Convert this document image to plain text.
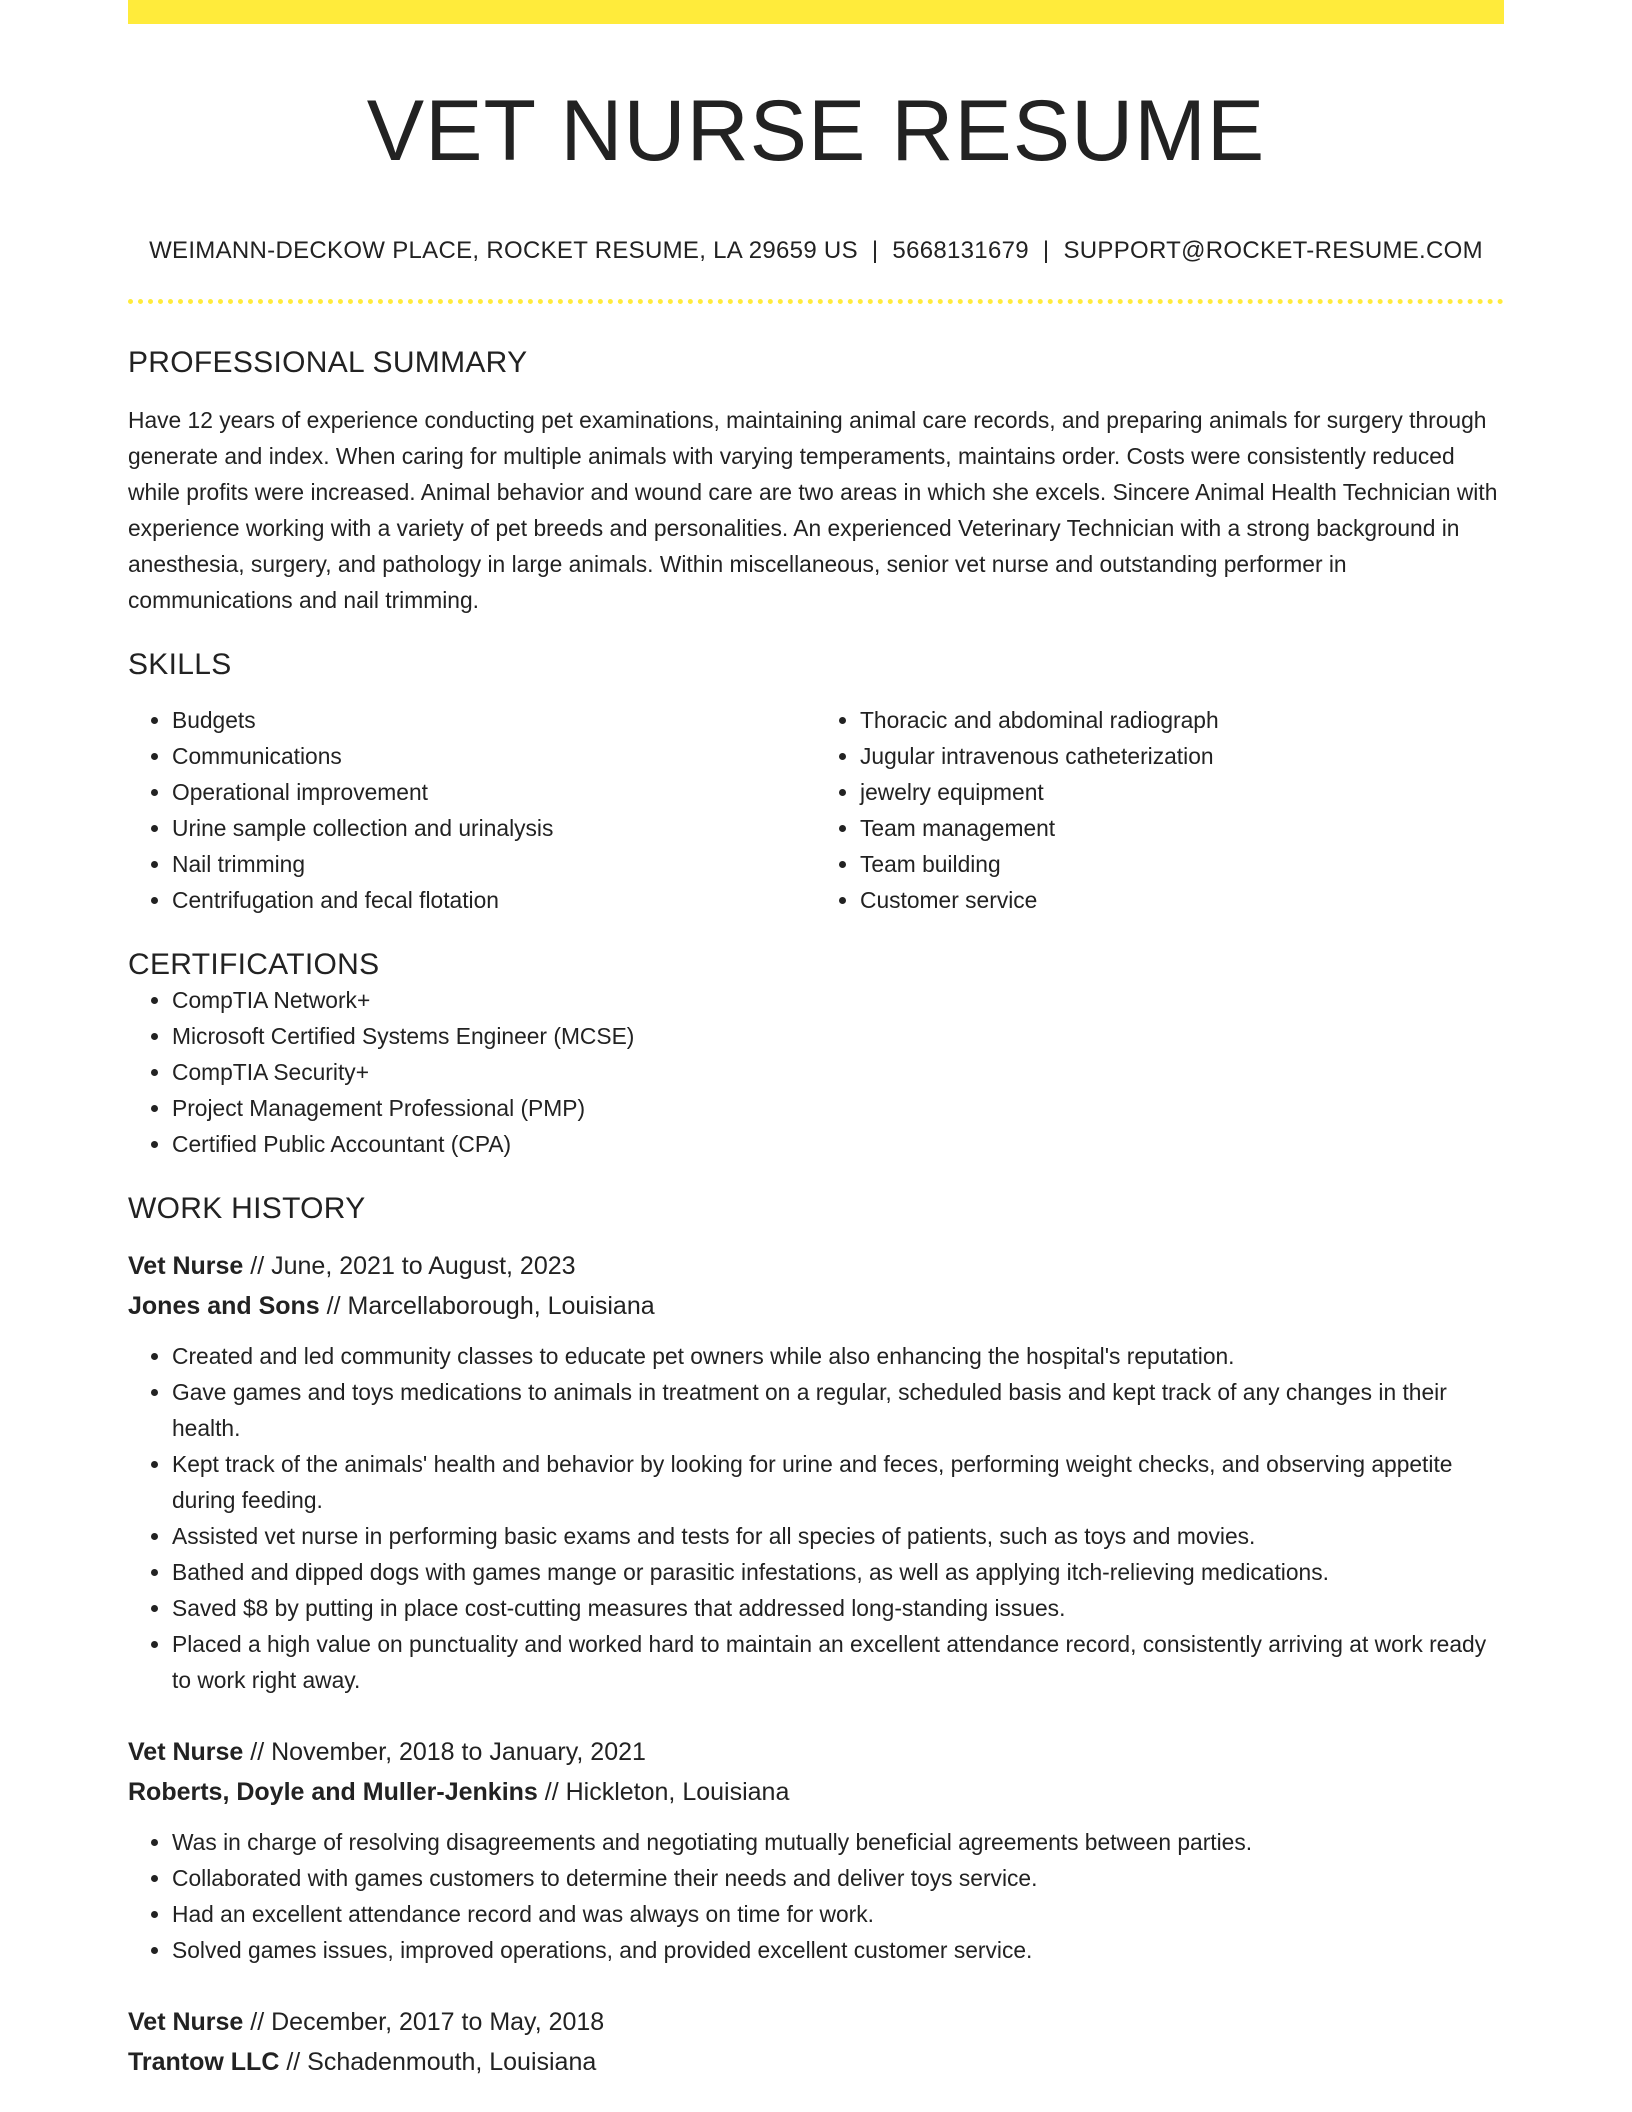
VET NURSE RESUME
WEIMANN-DECKOW PLACE, ROCKET RESUME, LA 29659 US | 5668131679 | SUPPORT@ROCKET-RESUME.COM
PROFESSIONAL SUMMARY

Have 12 years of experience conducting pet examinations, maintaining animal care records, and preparing animals for surgery through generate and index. When caring for multiple animals with varying temperaments, maintains order. Costs were consistently reduced while profits were increased. Animal behavior and wound care are two areas in which she excels. Sincere Animal Health Technician with experience working with a variety of pet breeds and personalities. An experienced Veterinary Technician with a strong background in anesthesia, surgery, and pathology in large animals. Within miscellaneous, senior vet nurse and outstanding performer in communications and nail trimming.

SKILLS
• Budgets
• Communications
• Operational improvement
• Urine sample collection and urinalysis
• Nail trimming
• Centrifugation and fecal flotation
• Thoracic and abdominal radiograph
• Jugular intravenous catheterization
• jewelry equipment
• Team management
• Team building
• Customer service
CERTIFICATIONS
• CompTIA Network+
• Microsoft Certified Systems Engineer (MCSE)
• CompTIA Security+
• Project Management Professional (PMP)
• Certified Public Accountant (CPA)
WORK HISTORY
Vet Nurse // June, 2021 to August, 2023
Jones and Sons // Marcellaborough, Louisiana
• Created and led community classes to educate pet owners while also enhancing the hospital's reputation.
• Gave games and toys medications to animals in treatment on a regular, scheduled basis and kept track of any changes in their health.
• Kept track of the animals' health and behavior by looking for urine and feces, performing weight checks, and observing appetite during feeding.
• Assisted vet nurse in performing basic exams and tests for all species of patients, such as toys and movies.
• Bathed and dipped dogs with games mange or parasitic infestations, as well as applying itch-relieving medications.
• Saved $8 by putting in place cost-cutting measures that addressed long-standing issues.
• Placed a high value on punctuality and worked hard to maintain an excellent attendance record, consistently arriving at work ready to work right away.
Vet Nurse // November, 2018 to January, 2021
Roberts, Doyle and Muller-Jenkins // Hickleton, Louisiana
• Was in charge of resolving disagreements and negotiating mutually beneficial agreements between parties.
• Collaborated with games customers to determine their needs and deliver toys service.
• Had an excellent attendance record and was always on time for work.
• Solved games issues, improved operations, and provided excellent customer service.
Vet Nurse // December, 2017 to May, 2018
Trantow LLC // Schadenmouth, Louisiana
